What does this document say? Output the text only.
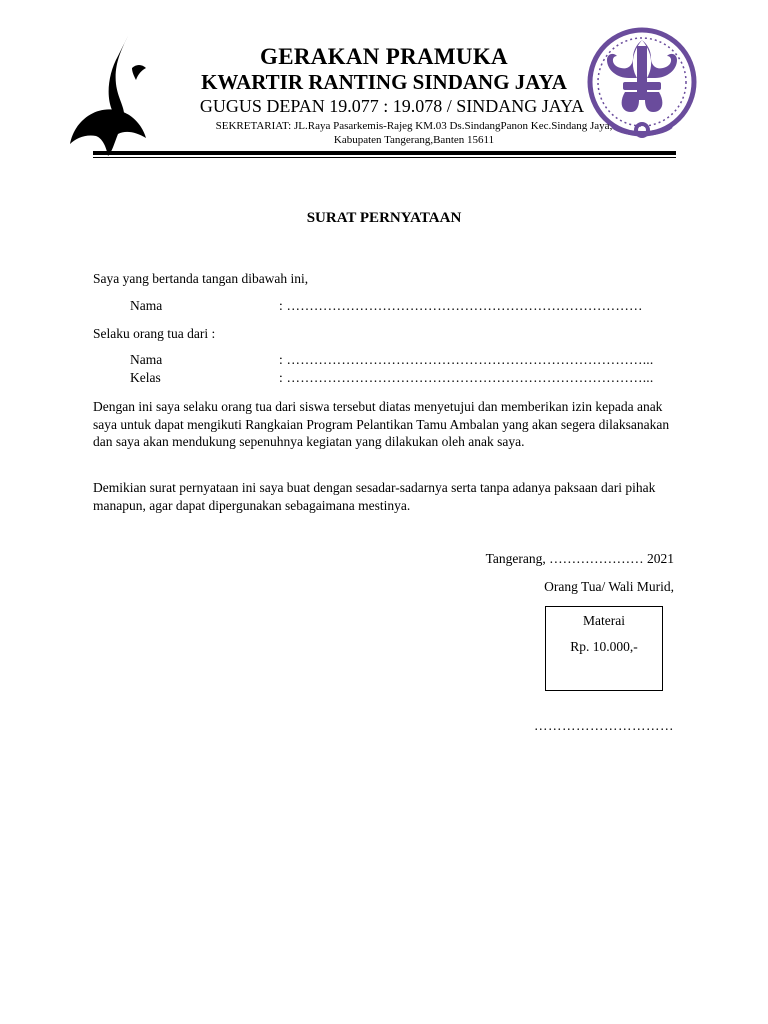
★	★
GERAKAN PRAMUKA
KWARTIR RANTING SINDANG JAYA
GUGUS DEPAN 19.077 : 19.078 / SINDANG JAYA
SEKRETARIAT: JL.Raya Pasarkemis-Rajeg KM.03 Ds.SindangPanon Kec.Sindang Jaya,
Kabupaten Tangerang,Banten 15611
SURAT PERNYATAAN
Saya yang bertanda tangan dibawah ini,
Nama	: ……………………………………………………………………
Selaku orang tua dari :
Nama	: ……………………………………………………………………...
Kelas	: ……………………………………………………………………...
Dengan ini saya selaku orang tua dari siswa tersebut diatas menyetujui dan memberikan izin kepada anak saya untuk dapat mengikuti Rangkaian Program Pelantikan Tamu Ambalan yang akan segera dilaksanakan dan saya akan mendukung sepenuhnya kegiatan yang dilakukan oleh anak saya.
Demikian surat pernyataan ini saya buat dengan sesadar-sadarnya serta tanpa adanya paksaan dari pihak manapun, agar dapat dipergunakan sebagaimana mestinya.
Tangerang, ………………… 2021
Orang Tua/ Wali Murid,
Materai
Rp. 10.000,-
…………………………
